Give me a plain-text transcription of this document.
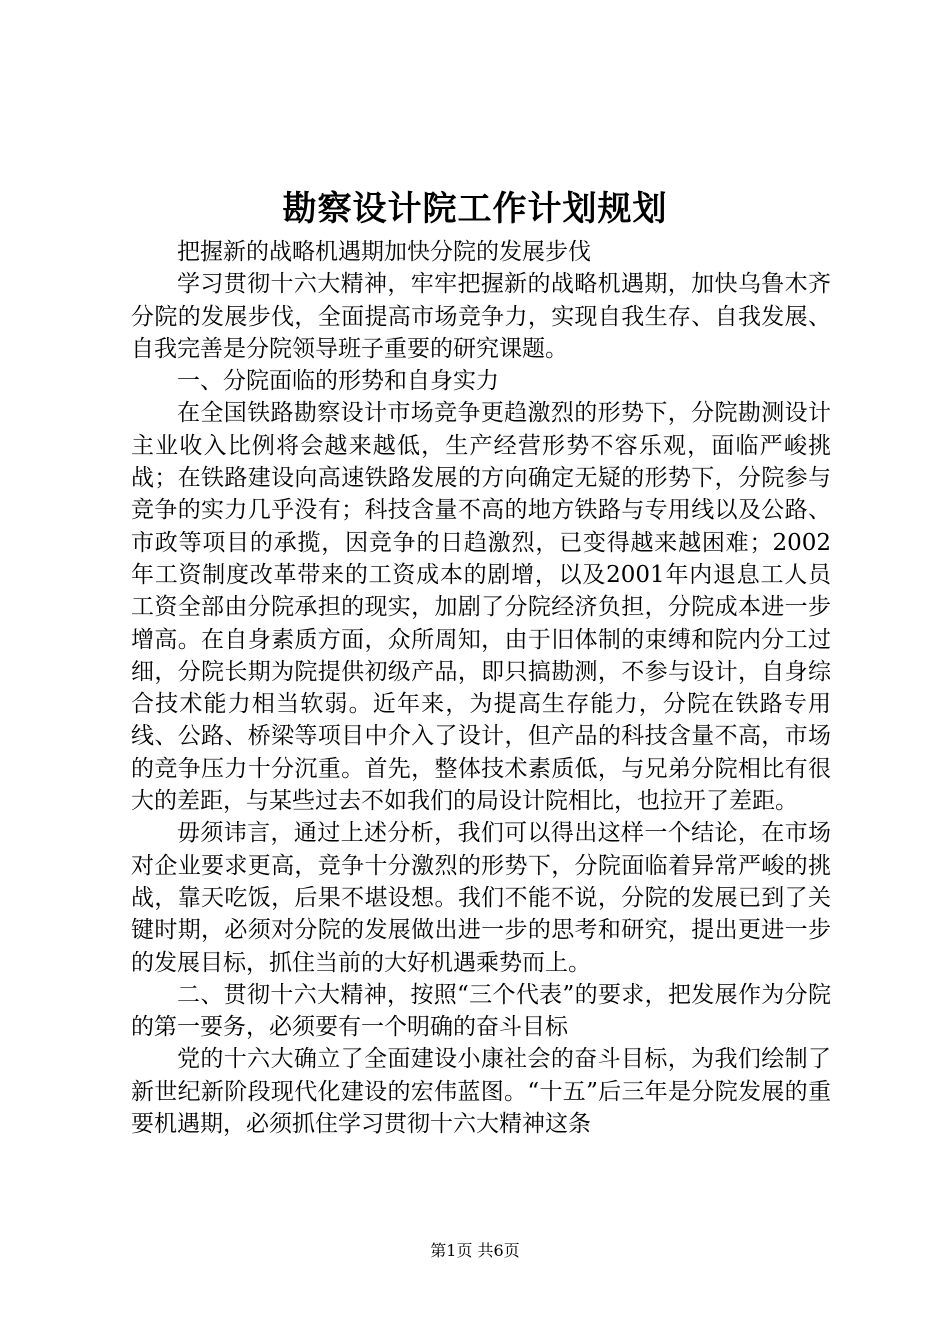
勘察设计院工作计划规划

把握新的战略机遇期加快分院的发展步伐

学习贯彻十六大精神，牢牢把握新的战略机遇期，加快乌鲁木齐分院的发展步伐，全面提高市场竞争力，实现自我生存、自我发展、自我完善是分院领导班子重要的研究课题。

一、分院面临的形势和自身实力

在全国铁路勘察设计市场竞争更趋激烈的形势下，分院勘测设计主业收入比例将会越来越低，生产经营形势不容乐观，面临严峻挑战；在铁路建设向高速铁路发展的方向确定无疑的形势下，分院参与竞争的实力几乎没有；科技含量不高的地方铁路与专用线以及公路、市政等项目的承揽，因竞争的日趋激烈，已变得越来越困难；2002年工资制度改革带来的工资成本的剧增，以及2001年内退息工人员工资全部由分院承担的现实，加剧了分院经济负担，分院成本进一步增高。在自身素质方面，众所周知，由于旧体制的束缚和院内分工过细，分院长期为院提供初级产品，即只搞勘测，不参与设计，自身综合技术能力相当软弱。近年来，为提高生存能力，分院在铁路专用线、公路、桥梁等项目中介入了设计，但产品的科技含量不高，市场的竞争压力十分沉重。首先，整体技术素质低，与兄弟分院相比有很大的差距，与某些过去不如我们的局设计院相比，也拉开了差距。

毋须讳言，通过上述分析，我们可以得出这样一个结论，在市场对企业要求更高，竞争十分激烈的形势下，分院面临着异常严峻的挑战，靠天吃饭，后果不堪设想。我们不能不说，分院的发展已到了关键时期，必须对分院的发展做出进一步的思考和研究，提出更进一步的发展目标，抓住当前的大好机遇乘势而上。

二、贯彻十六大精神，按照“三个代表”的要求，把发展作为分院的第一要务，必须要有一个明确的奋斗目标

党的十六大确立了全面建设小康社会的奋斗目标，为我们绘制了新世纪新阶段现代化建设的宏伟蓝图。“十五”后三年是分院发展的重要机遇期，必须抓住学习贯彻十六大精神这条

第1页 共6页
